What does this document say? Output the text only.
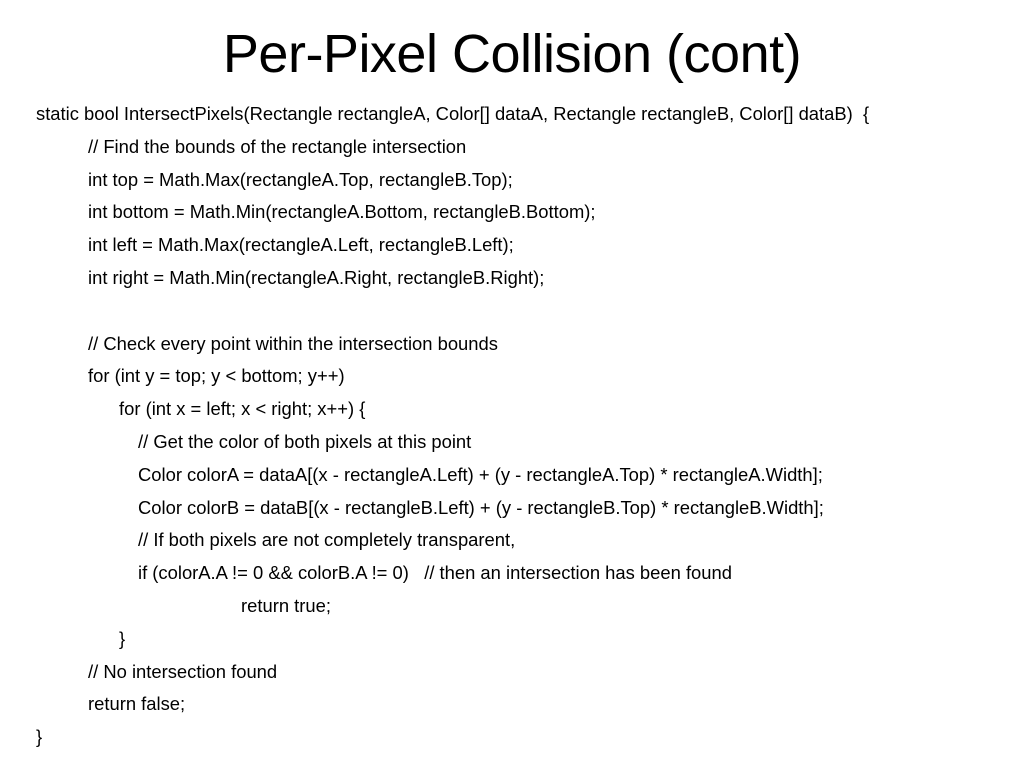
Per-Pixel Collision (cont)
static bool IntersectPixels(Rectangle rectangleA, Color[] dataA, Rectangle rectangleB, Color[] dataB)  {
// Find the bounds of the rectangle intersection
int top = Math.Max(rectangleA.Top, rectangleB.Top);
int bottom = Math.Min(rectangleA.Bottom, rectangleB.Bottom);
int left = Math.Max(rectangleA.Left, rectangleB.Left);
int right = Math.Min(rectangleA.Right, rectangleB.Right);
// Check every point within the intersection bounds
for (int y = top; y < bottom; y++)
for (int x = left; x < right; x++) {
// Get the color of both pixels at this point
Color colorA = dataA[(x - rectangleA.Left) + (y - rectangleA.Top) * rectangleA.Width];
Color colorB = dataB[(x - rectangleB.Left) + (y - rectangleB.Top) * rectangleB.Width];
// If both pixels are not completely transparent,
if (colorA.A != 0 && colorB.A != 0)   // then an intersection has been found
return true;
}
// No intersection found
return false;
}
